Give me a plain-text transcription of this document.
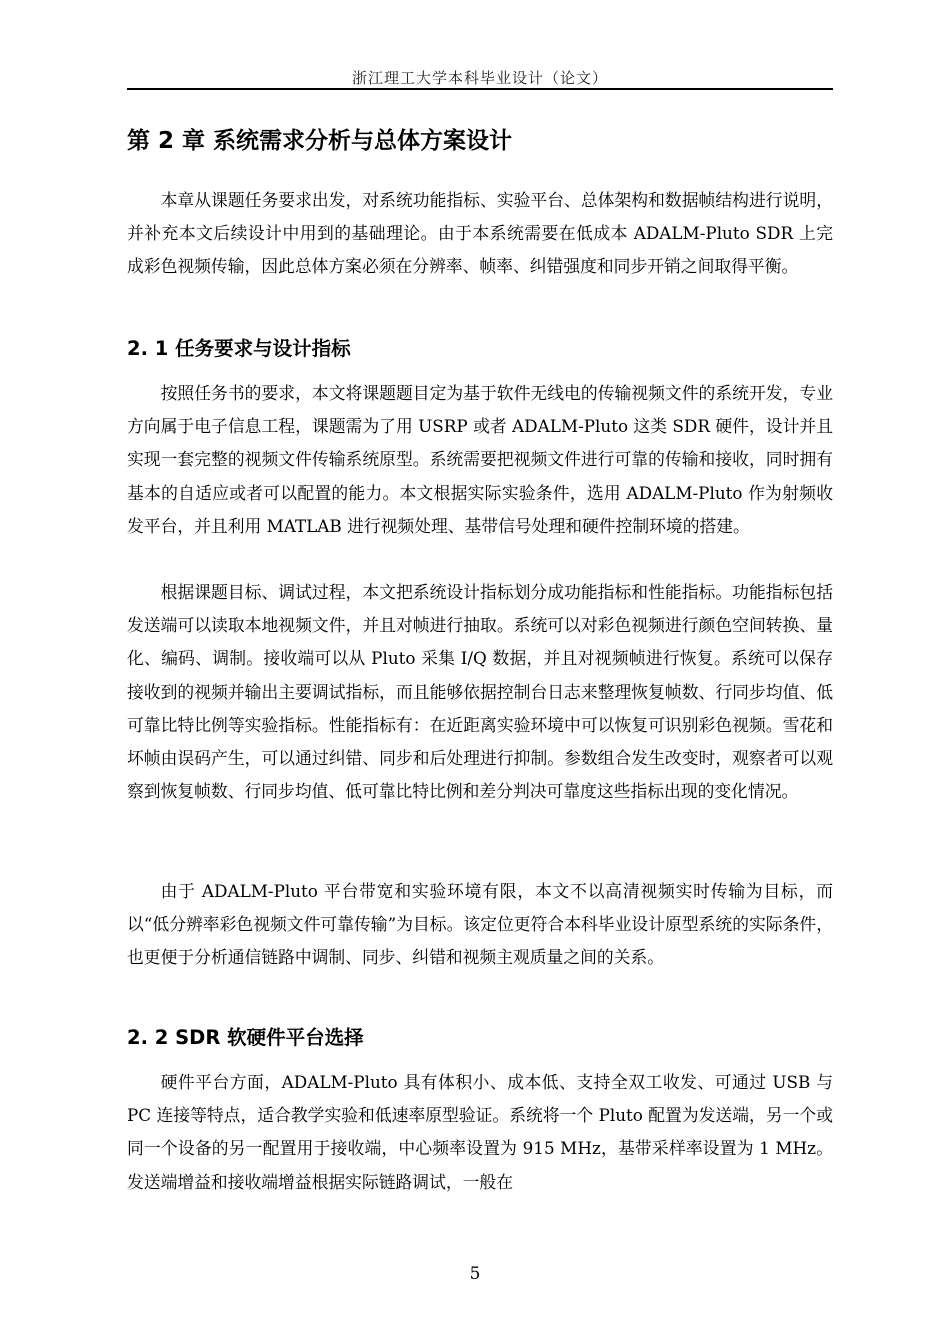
浙江理工大学本科毕业设计（论文）
第 2 章 系统需求分析与总体方案设计

本章从课题任务要求出发，对系统功能指标、实验平台、总体架构和数据帧结构进行说明，并补充本文后续设计中用到的基础理论。由于本系统需要在低成本 ADALM-Pluto SDR 上完成彩色视频传输，因此总体方案必须在分辨率、帧率、纠错强度和同步开销之间取得平衡。

2. 1 任务要求与设计指标

按照任务书的要求，本文将课题题目定为基于软件无线电的传输视频文件的系统开发，专业方向属于电子信息工程，课题需为了用 USRP 或者 ADALM-Pluto 这类 SDR 硬件，设计并且实现一套完整的视频文件传输系统原型。系统需要把视频文件进行可靠的传输和接收，同时拥有基本的自适应或者可以配置的能力。本文根据实际实验条件，选用 ADALM-Pluto 作为射频收发平台，并且利用 MATLAB 进行视频处理、基带信号处理和硬件控制环境的搭建。

根据课题目标、调试过程，本文把系统设计指标划分成功能指标和性能指标。功能指标包括发送端可以读取本地视频文件，并且对帧进行抽取。系统可以对彩色视频进行颜色空间转换、量化、编码、调制。接收端可以从 Pluto 采集 I/Q 数据，并且对视频帧进行恢复。系统可以保存接收到的视频并输出主要调试指标，而且能够依据控制台日志来整理恢复帧数、行同步均值、低可靠比特比例等实验指标。性能指标有：在近距离实验环境中可以恢复可识别彩色视频。雪花和坏帧由误码产生，可以通过纠错、同步和后处理进行抑制。参数组合发生改变时，观察者可以观察到恢复帧数、行同步均值、低可靠比特比例和差分判决可靠度这些指标出现的变化情况。

由于 ADALM-Pluto 平台带宽和实验环境有限，本文不以高清视频实时传输为目标，而以“低分辨率彩色视频文件可靠传输”为目标。该定位更符合本科毕业设计原型系统的实际条件，也更便于分析通信链路中调制、同步、纠错和视频主观质量之间的关系。

2. 2 SDR 软硬件平台选择

硬件平台方面，ADALM-Pluto 具有体积小、成本低、支持全双工收发、可通过 USB 与 PC 连接等特点，适合教学实验和低速率原型验证。系统将一个 Pluto 配置为发送端，另一个或同一个设备的另一配置用于接收端，中心频率设置为 915 MHz，基带采样率设置为 1 MHz。发送端增益和接收端增益根据实际链路调试，一般在

5
